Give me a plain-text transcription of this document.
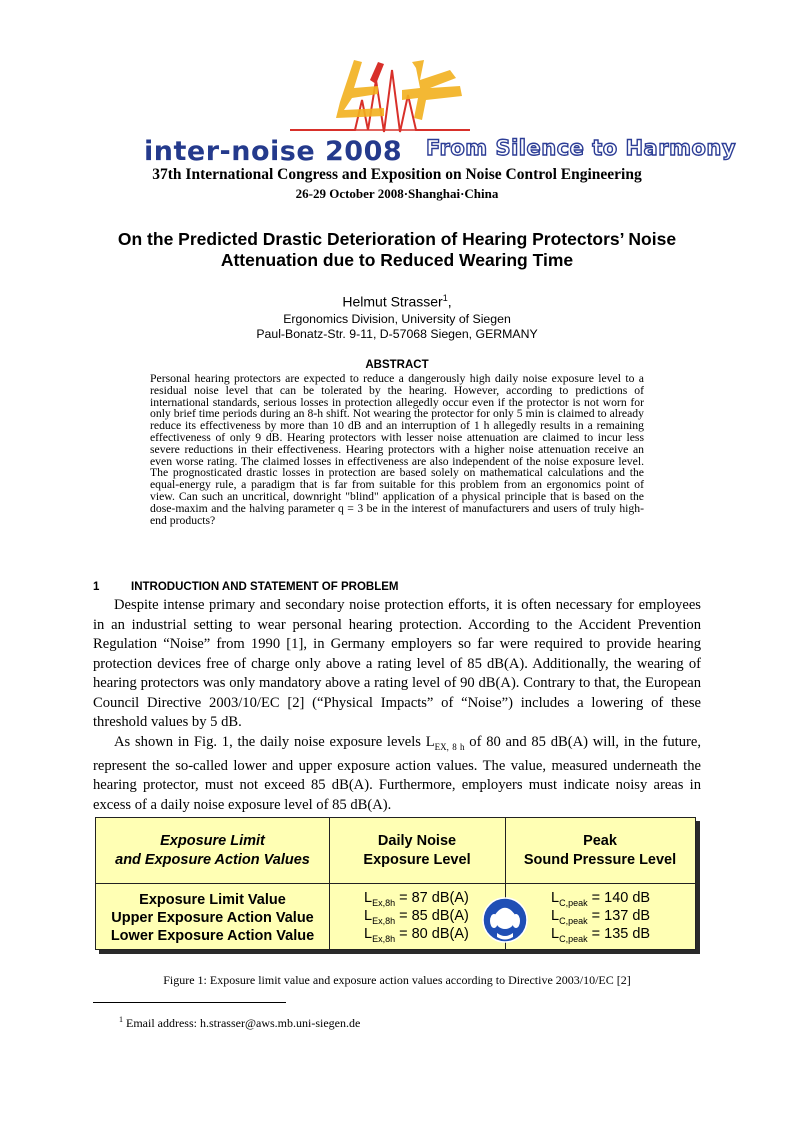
inter-noise 2008 From Silence to Harmony
37th International Congress and Exposition on Noise Control Engineering
26-29 October 2008·Shanghai·China
On the Predicted Drastic Deterioration of Hearing Protectors’ Noise
Attenuation due to Reduced Wearing Time
Helmut Strasser$^1$,
Ergonomics Division, University of Siegen
Paul-Bonatz-Str. 9-11, D-57068 Siegen, GERMANY
ABSTRACT
Personal hearing protectors are expected to reduce a dangerously high daily noise exposure level to a residual noise level that can be tolerated by the hearing. However, according to predictions of international standards, serious losses in protection allegedly occur even if the protector is not worn for only brief time periods during an 8-h shift. Not wearing the protector for only 5 min is claimed to already reduce its effectiveness by more than 10 dB and an interruption of 1 h allegedly results in a remaining effectiveness of only 9 dB. Hearing protectors with lesser noise attenuation are claimed to incur less severe reductions in their effectiveness. Hearing protectors with a higher noise attenuation receive an even worse rating. The claimed losses in effectiveness are also independent of the noise exposure level. The prognosticated drastic losses in protection are based solely on mathematical calculations and the equal-energy rule, a paradigm that is far from suitable for this problem from an ergonomics point of view. Can such an uncritical, downright "blind" application of a physical principle that is based on the dose-maxim and the halving parameter q = 3 be in the interest of manufacturers and users of truly high-end products?
1	INTRODUCTION AND STATEMENT OF PROBLEM

Despite intense primary and secondary noise protection efforts, it is often necessary for employees in an industrial setting to wear personal hearing protection. According to the Accident Prevention Regulation “Noise” from 1990 [1], in Germany employers so far were required to provide hearing protection devices free of charge only above a rating level of 85 dB(A). Additionally, the wearing of hearing protectors was only mandatory above a rating level of 90 dB(A). Contrary to that, the European Council Directive 2003/10/EC [2] (“Physical Impacts” of “Noise”) includes a lowering of these threshold values by 5 dB.

As shown in Fig. 1, the daily noise exposure levels $L_{EX, 8 h}$ of 80 and 85 dB(A) will, in the future, represent the so-called lower and upper exposure action values. The value, measured underneath the hearing protector, must not exceed 85 dB(A). Furthermore, employers must indicate noisy areas in excess of a daily noise exposure level of 85 dB(A).

Exposure Limit
and Exposure Action Values
Daily Noise
Exposure Level
Peak
Sound Pressure Level
Exposure Limit Value
Upper Exposure Action Value
Lower Exposure Action Value
$L_{Ex,8h} = 87$ dB(A)
$L_{Ex,8h} = 85$ dB(A)
$L_{Ex,8h} = 80$ dB(A)
$L_{C,peak} = 140$ dB
$L_{C,peak} = 137$ dB
$L_{C,peak} = 135$ dB
Figure 1: Exposure limit value and exposure action values according to Directive 2003/10/EC [2]
$^1$ Email address: h.strasser@aws.mb.uni-siegen.de
